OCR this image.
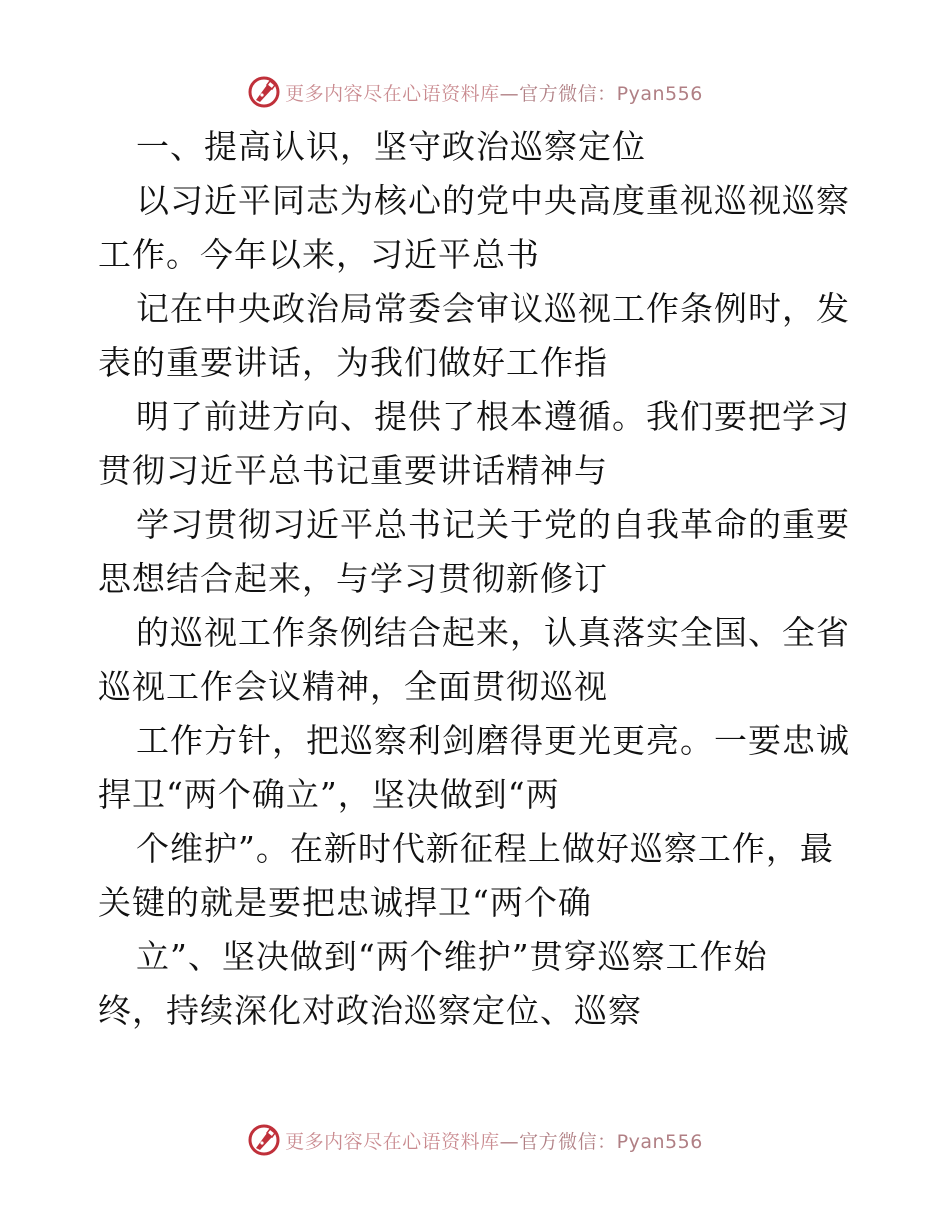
更多内容尽在心语资料库—官方微信：Pyan556
一、提高认识，坚守政治巡察定位
以习近平同志为核心的党中央高度重视巡视巡察
工作。今年以来，习近平总书
记在中央政治局常委会审议巡视工作条例时，发
表的重要讲话，为我们做好工作指
明了前进方向、提供了根本遵循。我们要把学习
贯彻习近平总书记重要讲话精神与
学习贯彻习近平总书记关于党的自我革命的重要
思想结合起来，与学习贯彻新修订
的巡视工作条例结合起来，认真落实全国、全省
巡视工作会议精神，全面贯彻巡视
工作方针，把巡察利剑磨得更光更亮。一要忠诚
捍卫“两个确立”，坚决做到“两
个维护”。在新时代新征程上做好巡察工作，最
关键的就是要把忠诚捍卫“两个确
立”、坚决做到“两个维护”贯穿巡察工作始
终，持续深化对政治巡察定位、巡察
更多内容尽在心语资料库—官方微信：Pyan556
